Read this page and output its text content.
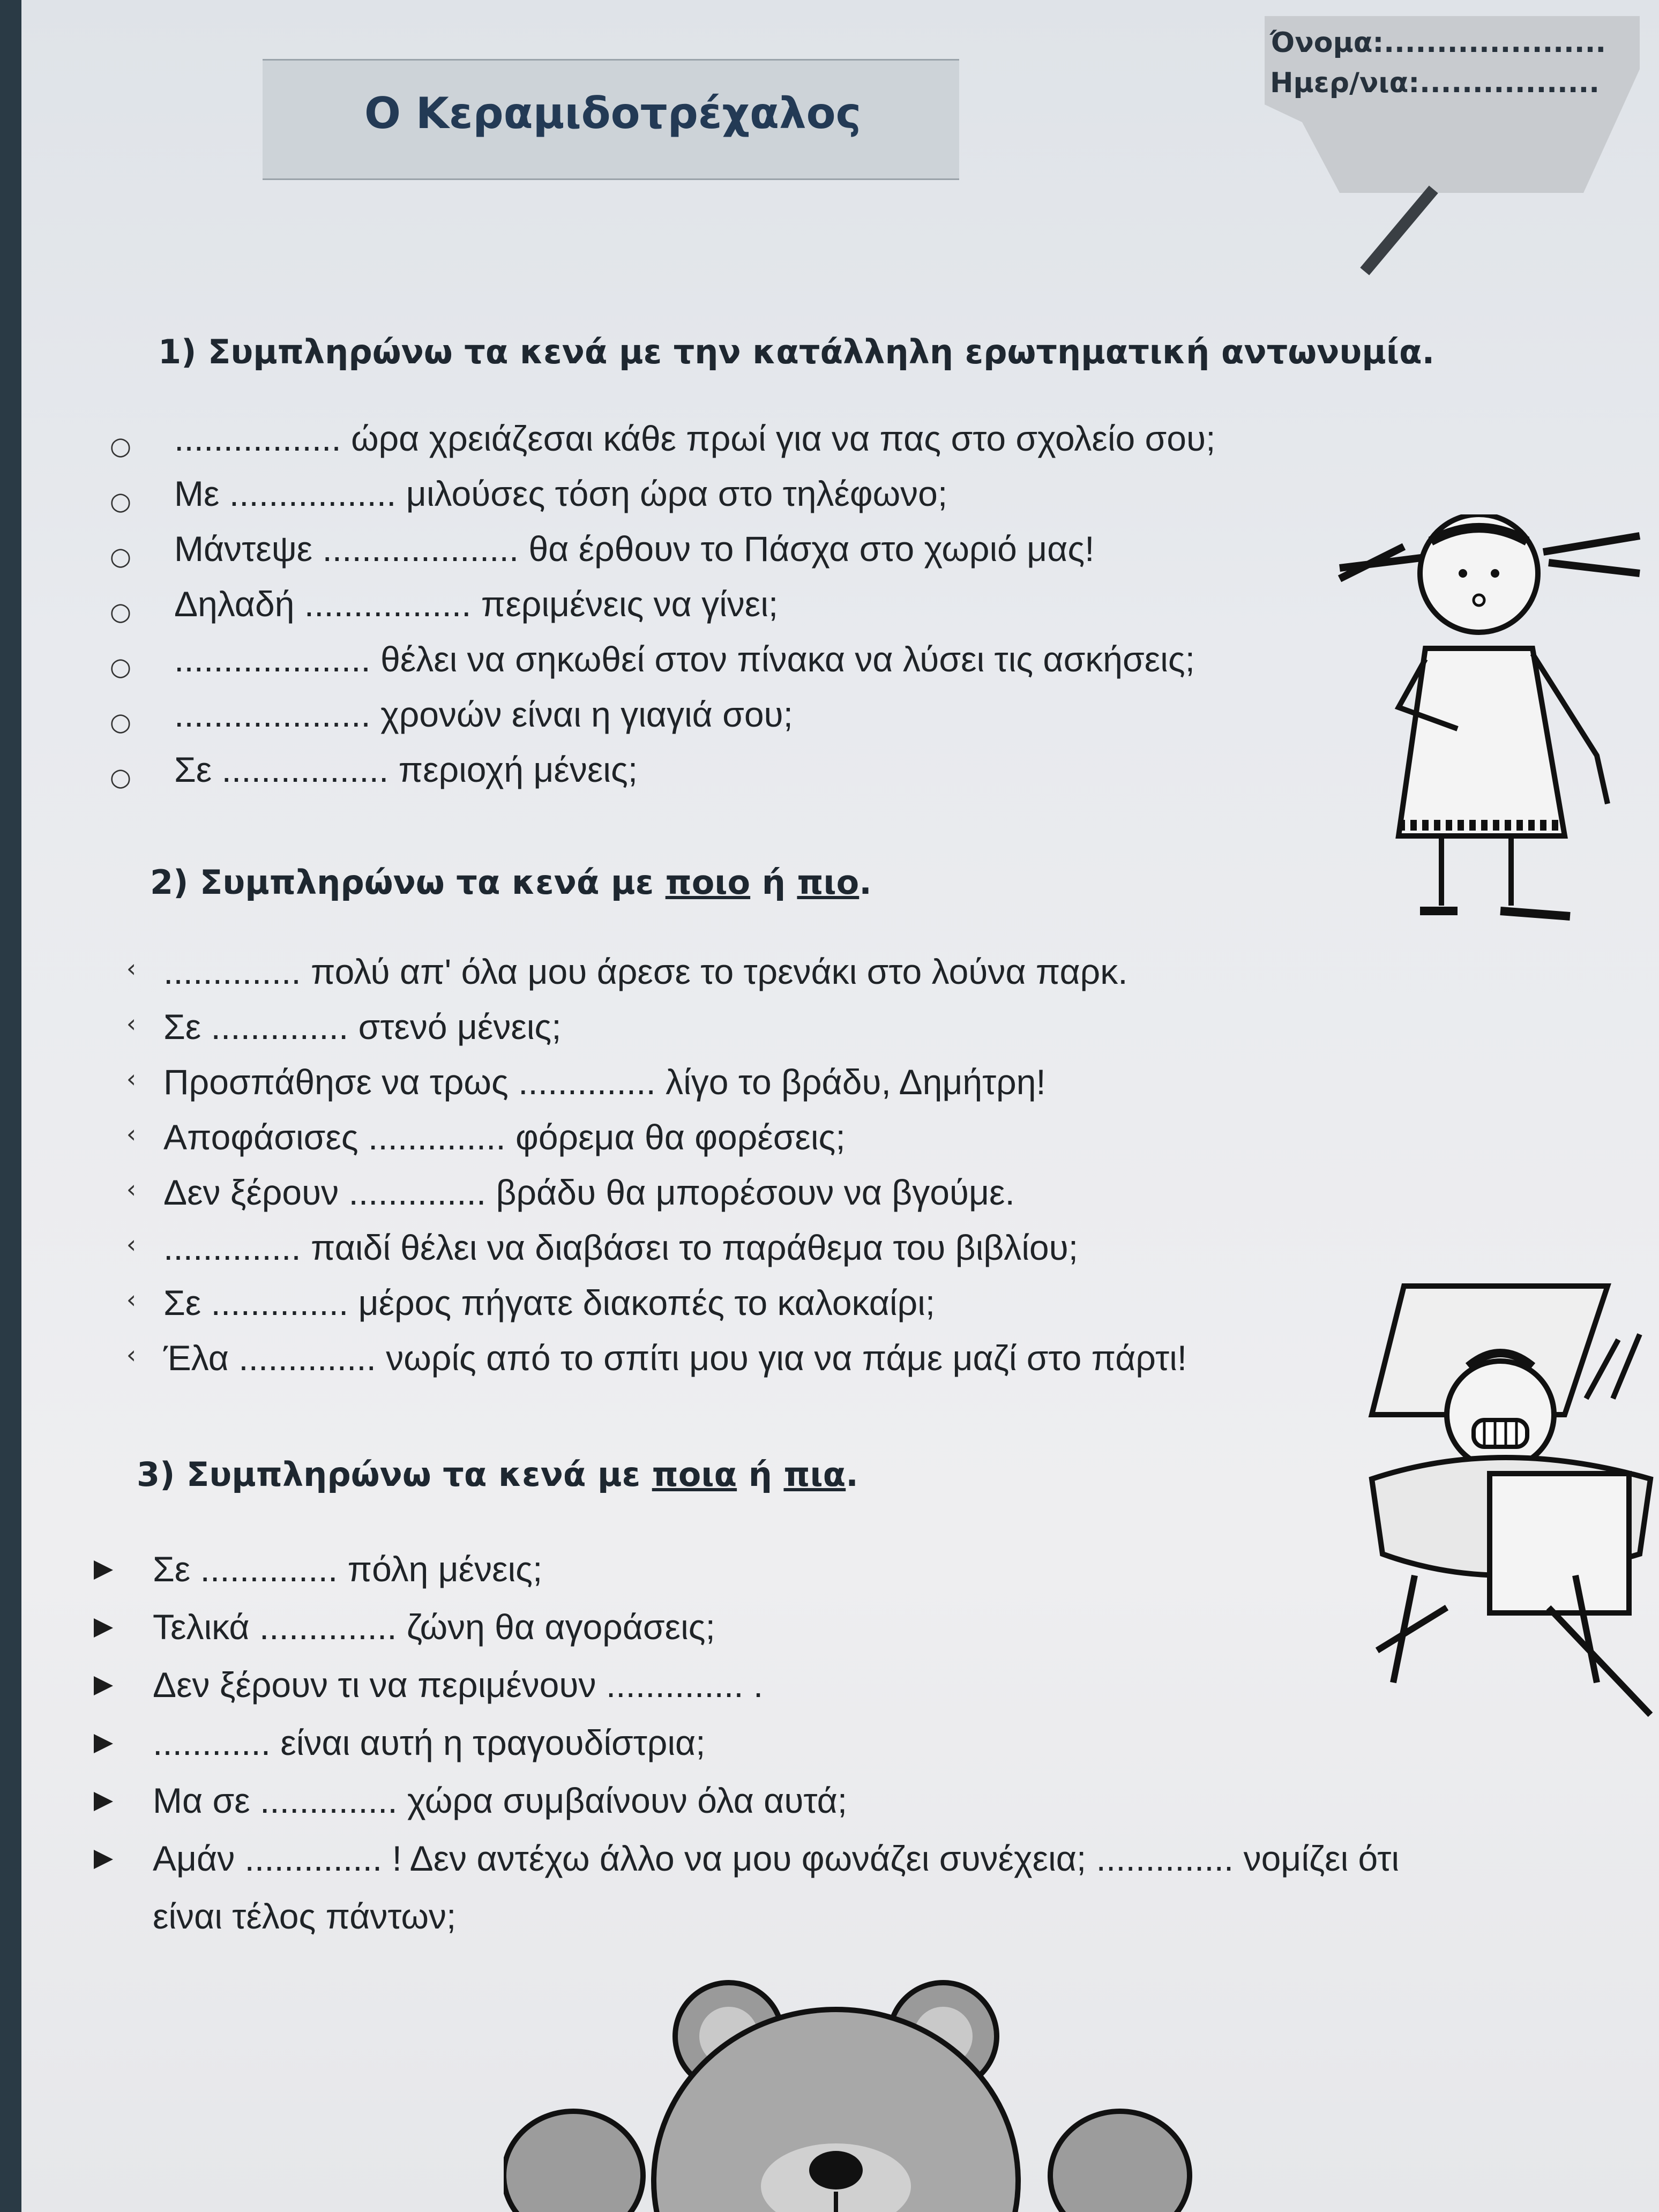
Ο Κεραμιδοτρέχαλος
Όνομα:.....................
Ημερ/νια:.................
1) Συμπληρώνω τα κενά με την κατάλληλη ερωτηματική αντωνυμία.
○ ................. ώρα χρειάζεσαι κάθε πρωί για να πας στο σχολείο σου;
○ Με ................. μιλούσες τόση ώρα στο τηλέφωνο;
○ Μάντεψε .................... θα έρθουν το Πάσχα στο χωριό μας!
○ Δηλαδή ................. περιμένεις να γίνει;
○ .................... θέλει να σηκωθεί στον πίνακα να λύσει τις ασκήσεις;
○ .................... χρονών είναι η γιαγιά σου;
○ Σε ................. περιοχή μένεις;
2) Συμπληρώνω τα κενά με ποιο ή πιο.
‹ .............. πολύ απ' όλα μου άρεσε το τρενάκι στο λούνα παρκ.
‹ Σε .............. στενό μένεις;
‹ Προσπάθησε να τρως .............. λίγο το βράδυ, Δημήτρη!
‹ Αποφάσισες .............. φόρεμα θα φορέσεις;
‹ Δεν ξέρουν .............. βράδυ θα μπορέσουν να βγούμε.
‹ .............. παιδί θέλει να διαβάσει το παράθεμα του βιβλίου;
‹ Σε .............. μέρος πήγατε διακοπές το καλοκαίρι;
‹ Έλα .............. νωρίς από το σπίτι μου για να πάμε μαζί στο πάρτι!
3) Συμπληρώνω τα κενά με ποια ή πια.
Σε .............. πόλη μένεις;
Τελικά .............. ζώνη θα αγοράσεις;
Δεν ξέρουν τι να περιμένουν .............. .
............ είναι αυτή η τραγουδίστρια;
Μα σε .............. χώρα συμβαίνουν όλα αυτά;
Αμάν .............. ! Δεν αντέχω άλλο να μου φωνάζει συνέχεια; .............. νομίζει ότι
είναι τέλος πάντων;
